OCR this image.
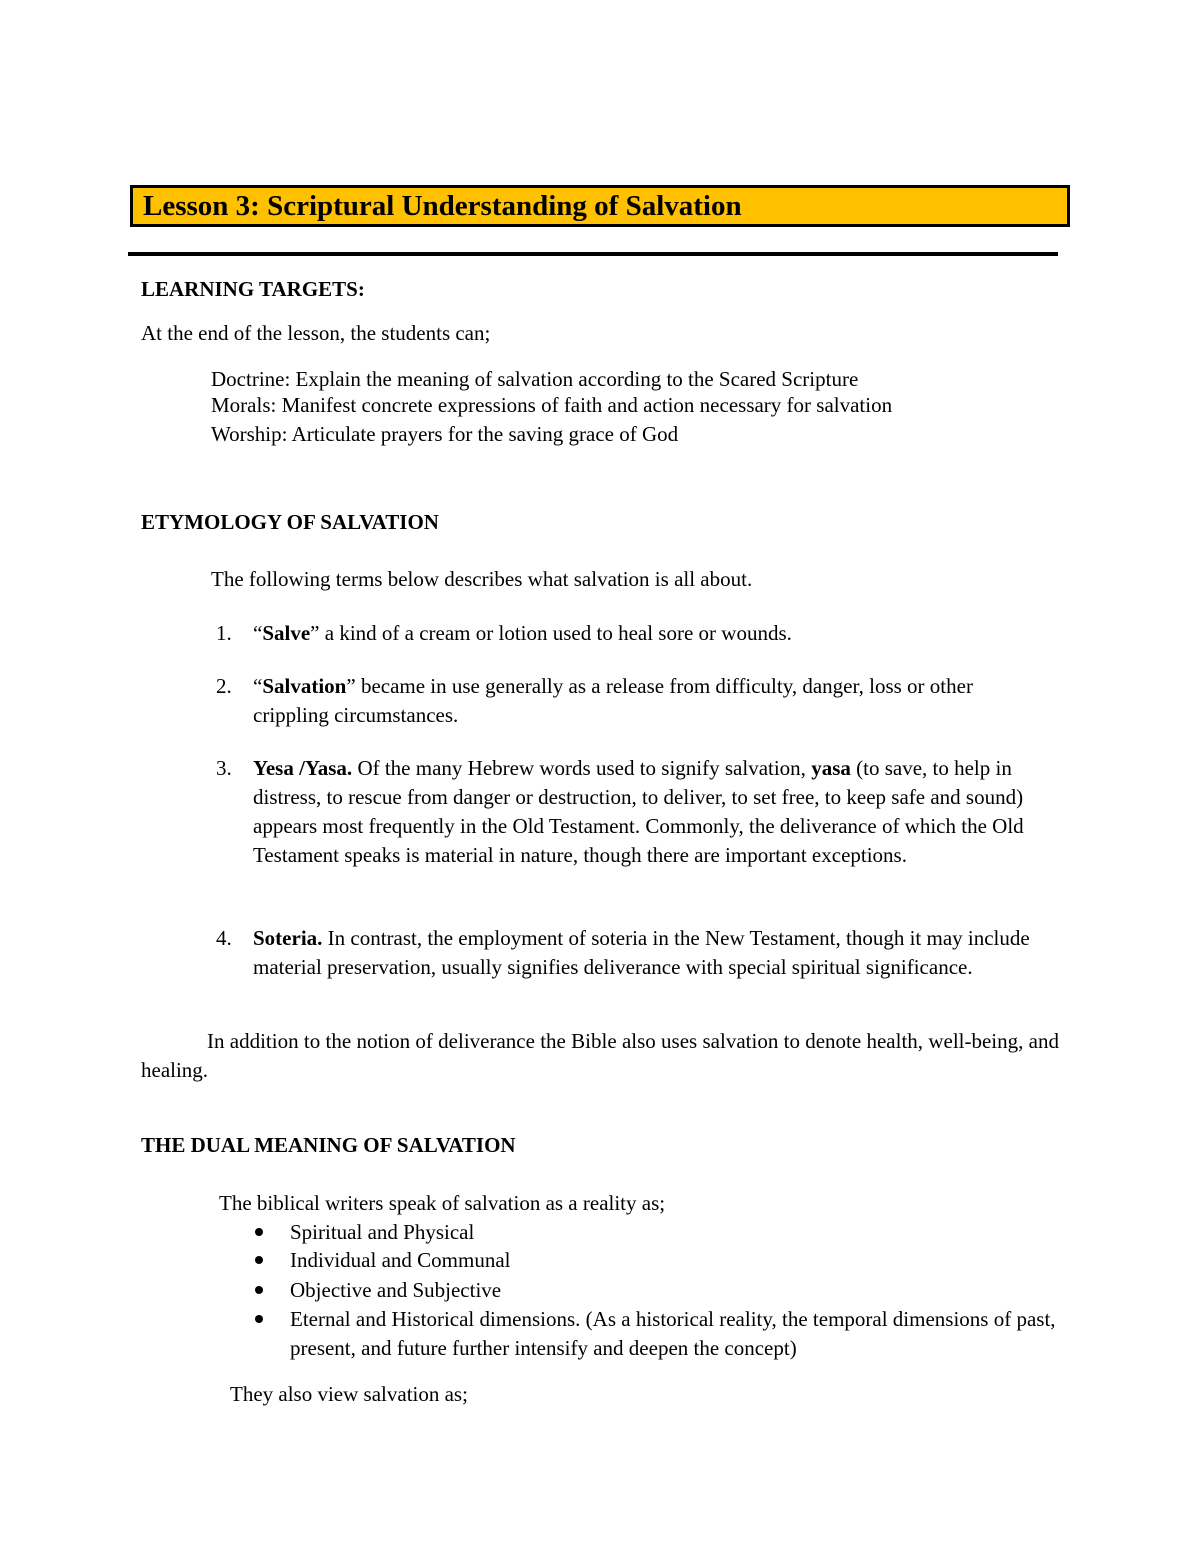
Lesson 3: Scriptural Understanding of Salvation
LEARNING TARGETS:
At the end of the lesson, the students can;
Doctrine: Explain the meaning of salvation according to the Scared Scripture
Morals: Manifest concrete expressions of faith and action necessary for salvation
Worship: Articulate prayers for the saving grace of God
ETYMOLOGY OF SALVATION
The following terms below describes what salvation is all about.
1. “Salve” a kind of a cream or lotion used to heal sore or wounds.
2. “Salvation” became in use generally as a release from difficulty, danger, loss or other crippling circumstances.
3. Yesa /Yasa. Of the many Hebrew words used to signify salvation, yasa (to save, to help in distress, to rescue from danger or destruction, to deliver, to set free, to keep safe and sound) appears most frequently in the Old Testament. Commonly, the deliverance of which the Old Testament speaks is material in nature, though there are important exceptions.
4. Soteria. In contrast, the employment of soteria in the New Testament, though it may include material preservation, usually signifies deliverance with special spiritual significance.
In addition to the notion of deliverance the Bible also uses salvation to denote health, well-being, and healing.
THE DUAL MEANING OF SALVATION
The biblical writers speak of salvation as a reality as;
Spiritual and Physical
Individual and Communal
Objective and Subjective
Eternal and Historical dimensions. (As a historical reality, the temporal dimensions of past, present, and future further intensify and deepen the concept)
They also view salvation as;
